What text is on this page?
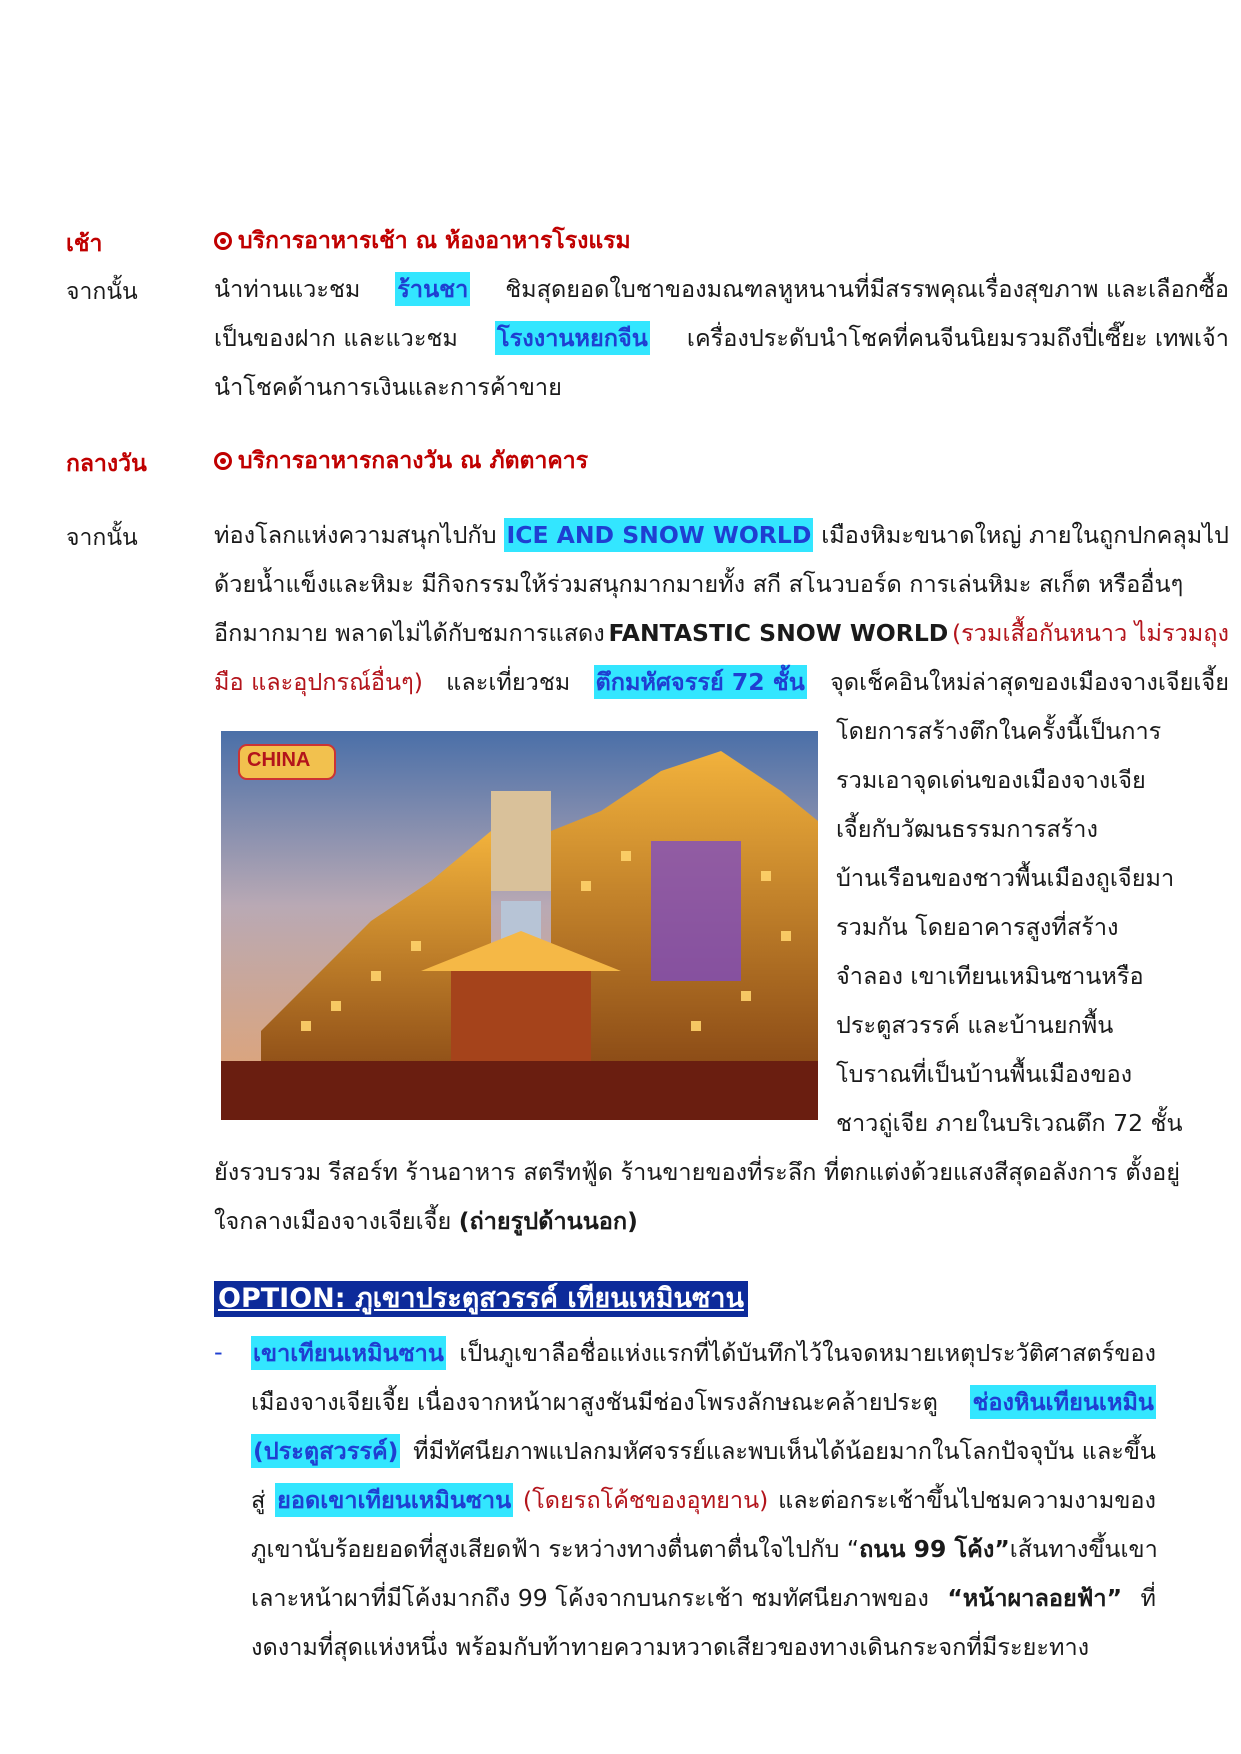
เช้า	บริการอาหารเช้า ณ ห้องอาหารโรงแรม
จากนั้น	นำท่านแวะชม ร้านชา ชิมสุดยอดใบชาของมณฑลหูหนานที่มีสรรพคุณเรื่องสุขภาพ และเลือกซื้อ
เป็นของฝาก และแวะชม โรงงานหยกจีน เครื่องประดับนำโชคที่คนจีนนิยมรวมถึงปี่เซี๊ยะ เทพเจ้า
นำโชคด้านการเงินและการค้าขาย
กลางวัน	บริการอาหารกลางวัน ณ ภัตตาคาร
จากนั้น	ท่องโลกแห่งความสนุกไปกับ ICE AND SNOW WORLD เมืองหิมะขนาดใหญ่ ภายในถูกปกคลุมไป
ด้วยน้ำแข็งและหิมะ มีกิจกรรมให้ร่วมสนุกมากมายทั้ง สกี สโนวบอร์ด การเล่นหิมะ สเก็ต หรืออื่นๆ
อีกมากมาย พลาดไม่ได้กับชมการแสดง FANTASTIC SNOW WORLD (รวมเสื้อกันหนาว ไม่รวมถุง
มือ และอุปกรณ์อื่นๆ) และเที่ยวชม ตึกมหัศจรรย์ 72 ชั้น จุดเช็คอินใหม่ล่าสุดของเมืองจางเจียเจี้ย
CHINA
โดยการสร้างตึกในครั้งนี้เป็นการ
รวมเอาจุดเด่นของเมืองจางเจีย
เจี้ยกับวัฒนธรรมการสร้าง
บ้านเรือนของชาวพื้นเมืองถูเจียมา
รวมกัน โดยอาคารสูงที่สร้าง
จำลอง เขาเทียนเหมินซานหรือ
ประตูสวรรค์ และบ้านยกพื้น
โบราณที่เป็นบ้านพื้นเมืองของ
ชาวถู่เจีย ภายในบริเวณตึก 72 ชั้น
ยังรวบรวม รีสอร์ท ร้านอาหาร สตรีทฟู้ด ร้านขายของที่ระลึก ที่ตกแต่งด้วยแสงสีสุดอลังการ ตั้งอยู่
ใจกลางเมืองจางเจียเจี้ย (ถ่ายรูปด้านนอก)
OPTION: ภูเขาประตูสวรรค์ เทียนเหมินซาน
- เขาเทียนเหมินซาน เป็นภูเขาลือชื่อแห่งแรกที่ได้บันทึกไว้ในจดหมายเหตุประวัติศาสตร์ของ
เมืองจางเจียเจี้ย เนื่องจากหน้าผาสูงชันมีช่องโพรงลักษณะคล้ายประตู ช่องหินเทียนเหมิน
(ประตูสวรรค์) ที่มีทัศนียภาพแปลกมหัศจรรย์และพบเห็นได้น้อยมากในโลกปัจจุบัน และขึ้น
สู่ ยอดเขาเทียนเหมินซาน (โดยรถโค้ชของอุทยาน) และต่อกระเช้าขึ้นไปชมความงามของ
ภูเขานับร้อยยอดที่สูงเสียดฟ้า ระหว่างทางตื่นตาตื่นใจไปกับ “ ถนน 99 โค้ง” เส้นทางขึ้นเขา
เลาะหน้าผาที่มีโค้งมากถึง 99 โค้งจากบนกระเช้า ชมทัศนียภาพของ “หน้าผาลอยฟ้า” ที่
งดงามที่สุดแห่งหนึ่ง พร้อมกับท้าทายความหวาดเสียวของทางเดินกระจกที่มีระยะทาง
